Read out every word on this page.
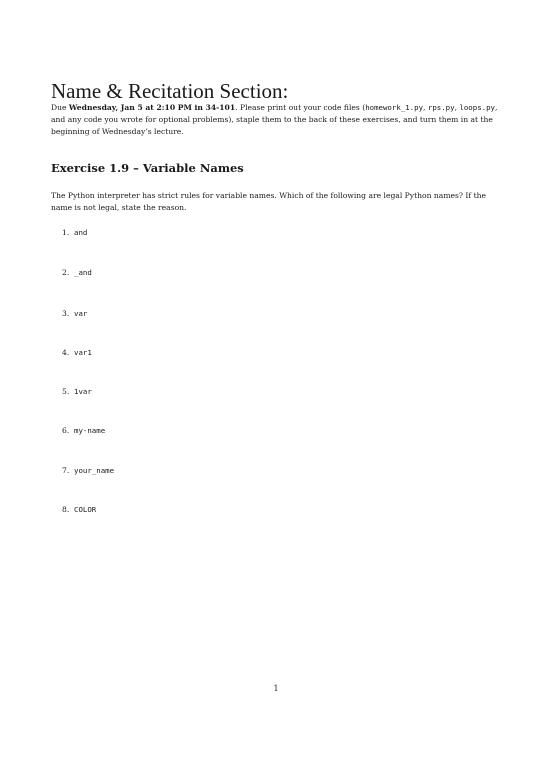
Name & Recitation Section:

Due Wednesday, Jan 5 at 2:10 PM in 34-101. Please print out your code files (homework_1.py, rps.py, loops.py, and any code you wrote for optional problems), staple them to the back of these exercises, and turn them in at the beginning of Wednesday’s lecture.

Exercise 1.9 – Variable Names

The Python interpreter has strict rules for variable names. Which of the following are legal Python names? If the name is not legal, state the reason.

1. and
2. _and
3. var
4. var1
5. 1var
6. my-name
7. your_name
8. COLOR
1
